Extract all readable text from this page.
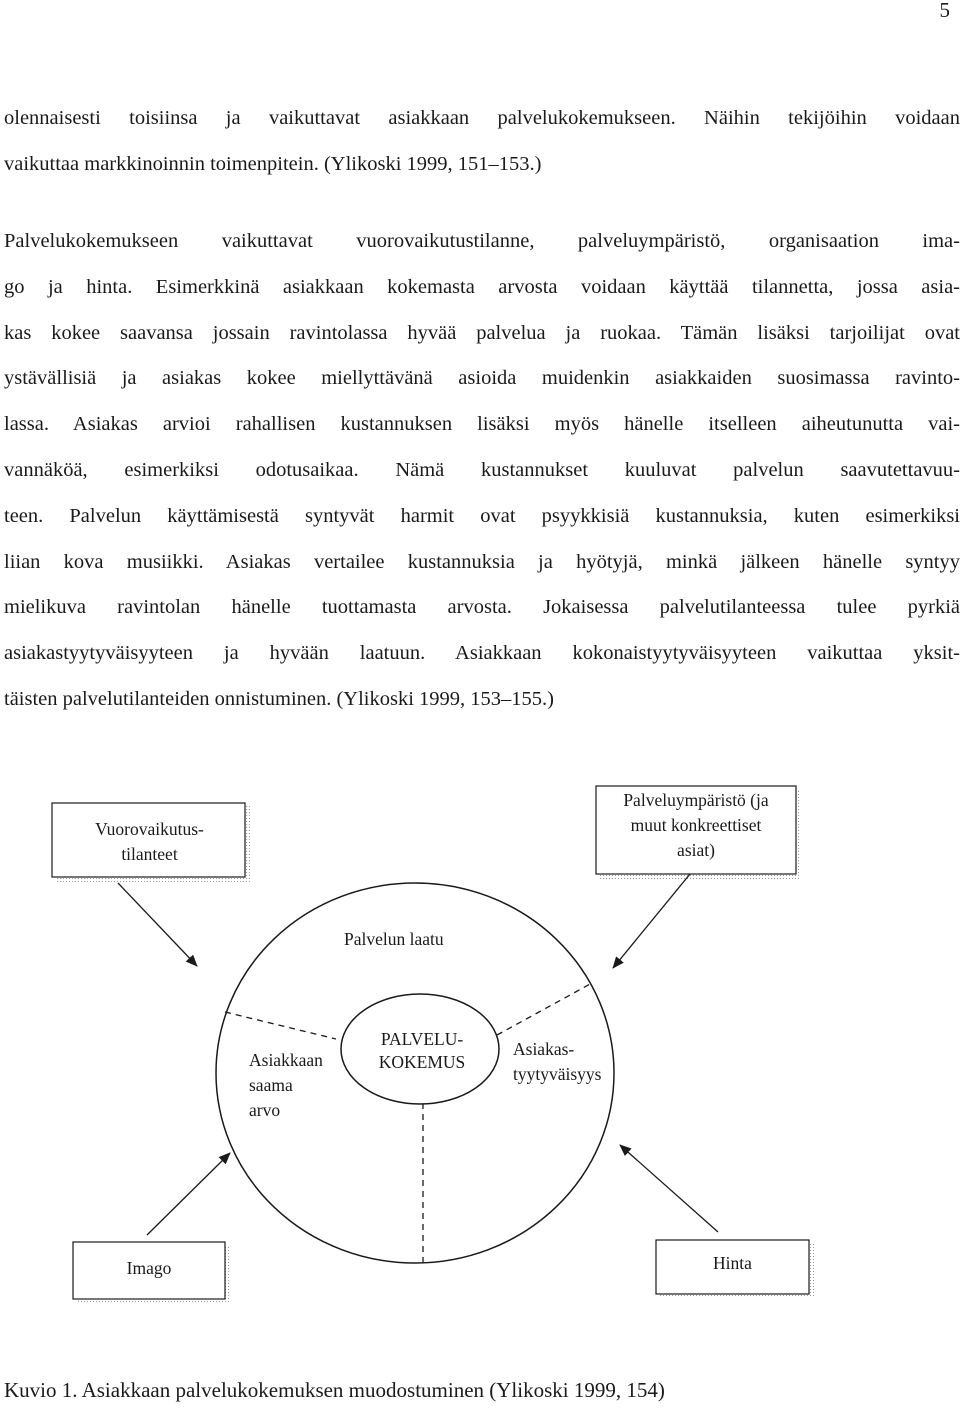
5
olennaisesti toisiinsa ja vaikuttavat asiakkaan palvelukokemukseen. Näihin tekijöihin voidaan
vaikuttaa markkinoinnin toimenpitein. (Ylikoski 1999, 151–153.)
Palvelukokemukseen vaikuttavat vuorovaikutustilanne, palveluympäristö, organisaation ima-
go ja hinta. Esimerkkinä asiakkaan kokemasta arvosta voidaan käyttää tilannetta, jossa asia-
kas kokee saavansa jossain ravintolassa hyvää palvelua ja ruokaa. Tämän lisäksi tarjoilijat ovat
ystävällisiä ja asiakas kokee miellyttävänä asioida muidenkin asiakkaiden suosimassa ravinto-
lassa. Asiakas arvioi rahallisen kustannuksen lisäksi myös hänelle itselleen aiheutunutta vai-
vannäköä, esimerkiksi odotusaikaa. Nämä kustannukset kuuluvat palvelun saavutettavuu-
teen. Palvelun käyttämisestä syntyvät harmit ovat psyykkisiä kustannuksia, kuten esimerkiksi
liian kova musiikki. Asiakas vertailee kustannuksia ja hyötyjä, minkä jälkeen hänelle syntyy
mielikuva ravintolan hänelle tuottamasta arvosta. Jokaisessa palvelutilanteessa tulee pyrkiä
asiakastyytyväisyyteen ja hyvään laatuun. Asiakkaan kokonaistyytyväisyyteen vaikuttaa yksit-
täisten palvelutilanteiden onnistuminen. (Ylikoski 1999, 153–155.)
Vuorovaikutus-
tilanteet
Palveluympäristö (ja
muut konkreettiset
asiat)
Palvelun laatu
Asiakkaan
saama
arvo
PALVELU-
KOKEMUS
Asiakas-
tyytyväisyys
Imago	Hinta

Kuvio 1. Asiakkaan palvelukokemuksen muodostuminen (Ylikoski 1999, 154)
